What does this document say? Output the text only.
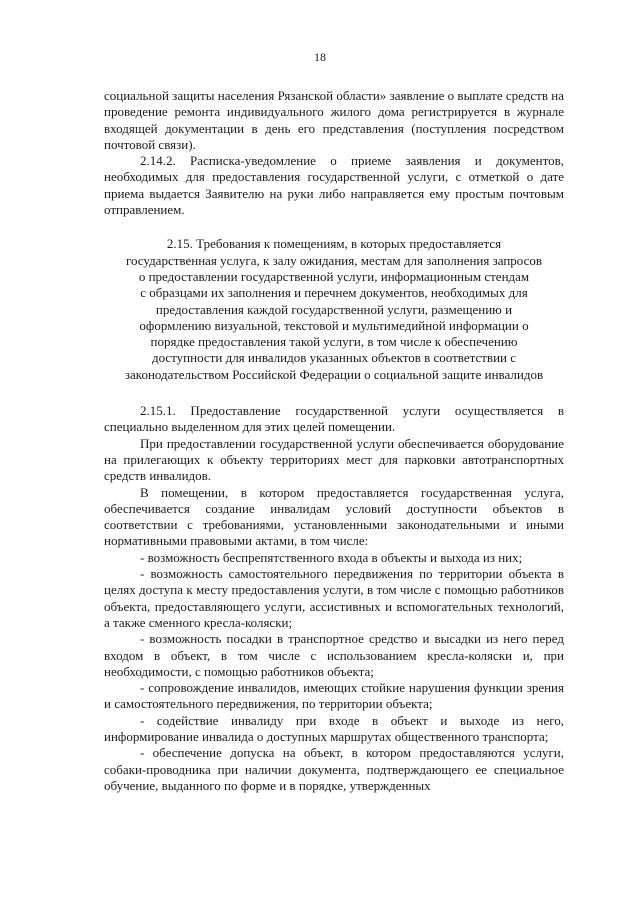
18

социальной защиты населения Рязанской области» заявление о выплате средств на проведение ремонта индивидуального жилого дома регистрируется в журнале входящей документации в день его представления (поступления посредством почтовой связи).

2.14.2. Расписка-уведомление о приеме заявления и документов, необходимых для предоставления государственной услуги, с отметкой о дате приема выдается Заявителю на руки либо направляется ему простым почтовым отправлением.

2.15. Требования к помещениям, в которых предоставляется
государственная услуга, к залу ожидания, местам для заполнения запросов
о предоставлении государственной услуги, информационным стендам
с образцами их заполнения и перечнем документов, необходимых для
предоставления каждой государственной услуги, размещению и
оформлению визуальной, текстовой и мультимедийной информации о
порядке предоставления такой услуги, в том числе к обеспечению
доступности для инвалидов указанных объектов в соответствии с
законодательством Российской Федерации о социальной защите инвалидов

2.15.1. Предоставление государственной услуги осуществляется в специально выделенном для этих целей помещении.

При предоставлении государственной услуги обеспечивается оборудование на прилегающих к объекту территориях мест для парковки автотранспортных средств инвалидов.

В помещении, в котором предоставляется государственная услуга, обеспечивается создание инвалидам условий доступности объектов в соответствии с требованиями, установленными законодательными и иными нормативными правовыми актами, в том числе:

- возможность беспрепятственного входа в объекты и выхода из них;

- возможность самостоятельного передвижения по территории объекта в целях доступа к месту предоставления услуги, в том числе с помощью работников объекта, предоставляющего услуги, ассистивных и вспомогательных технологий, а также сменного кресла-коляски;

- возможность посадки в транспортное средство и высадки из него перед входом в объект, в том числе с использованием кресла-коляски и, при необходимости, с помощью работников объекта;

- сопровождение инвалидов, имеющих стойкие нарушения функции зрения и самостоятельного передвижения, по территории объекта;

- содействие инвалиду при входе в объект и выходе из него, информирование инвалида о доступных маршрутах общественного транспорта;

- обеспечение допуска на объект, в котором предоставляются услуги, собаки-проводника при наличии документа, подтверждающего ее специальное обучение, выданного по форме и в порядке, утвержденных
